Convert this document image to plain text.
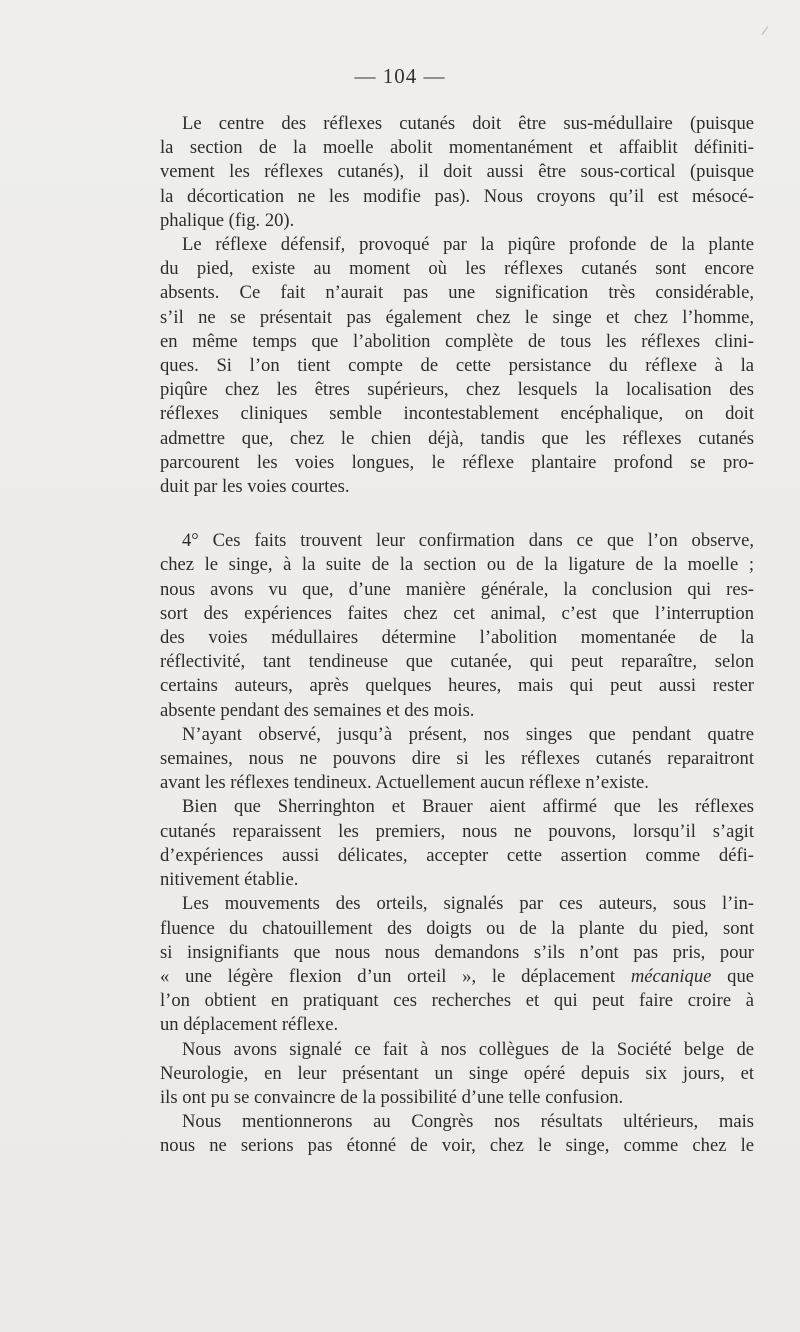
— 104 —
Le centre des réflexes cutanés doit être sus-médullaire (puisque
la section de la moelle abolit momentanément et affaiblit définiti-
vement les réflexes cutanés), il doit aussi être sous-cortical (puisque
la décortication ne les modifie pas). Nous croyons qu’il est mésocé-
phalique (fig. 20).
Le réflexe défensif, provoqué par la piqûre profonde de la plante
du pied, existe au moment où les réflexes cutanés sont encore
absents. Ce fait n’aurait pas une signification très considérable,
s’il ne se présentait pas également chez le singe et chez l’homme,
en même temps que l’abolition complète de tous les réflexes clini-
ques. Si l’on tient compte de cette persistance du réflexe à la
piqûre chez les êtres supérieurs, chez lesquels la localisation des
réflexes cliniques semble incontestablement encéphalique, on doit
admettre que, chez le chien déjà, tandis que les réflexes cutanés
parcourent les voies longues, le réflexe plantaire profond se pro-
duit par les voies courtes.
4° Ces faits trouvent leur confirmation dans ce que l’on observe,
chez le singe, à la suite de la section ou de la ligature de la moelle ;
nous avons vu que, d’une manière générale, la conclusion qui res-
sort des expériences faites chez cet animal, c’est que l’interruption
des voies médullaires détermine l’abolition momentanée de la
réflectivité, tant tendineuse que cutanée, qui peut reparaître, selon
certains auteurs, après quelques heures, mais qui peut aussi rester
absente pendant des semaines et des mois.
N’ayant observé, jusqu’à présent, nos singes que pendant quatre
semaines, nous ne pouvons dire si les réflexes cutanés reparaitront
avant les réflexes tendineux. Actuellement aucun réflexe n’existe.
Bien que Sherringhton et Brauer aient affirmé que les réflexes
cutanés reparaissent les premiers, nous ne pouvons, lorsqu’il s’agit
d’expériences aussi délicates, accepter cette assertion comme défi-
nitivement établie.
Les mouvements des orteils, signalés par ces auteurs, sous l’in-
fluence du chatouillement des doigts ou de la plante du pied, sont
si insignifiants que nous nous demandons s’ils n’ont pas pris, pour
« une légère flexion d’un orteil », le déplacement mécanique que
l’on obtient en pratiquant ces recherches et qui peut faire croire à
un déplacement réflexe.
Nous avons signalé ce fait à nos collègues de la Société belge de
Neurologie, en leur présentant un singe opéré depuis six jours, et
ils ont pu se convaincre de la possibilité d’une telle confusion.
Nous mentionnerons au Congrès nos résultats ultérieurs, mais
nous ne serions pas étonné de voir, chez le singe, comme chez le
